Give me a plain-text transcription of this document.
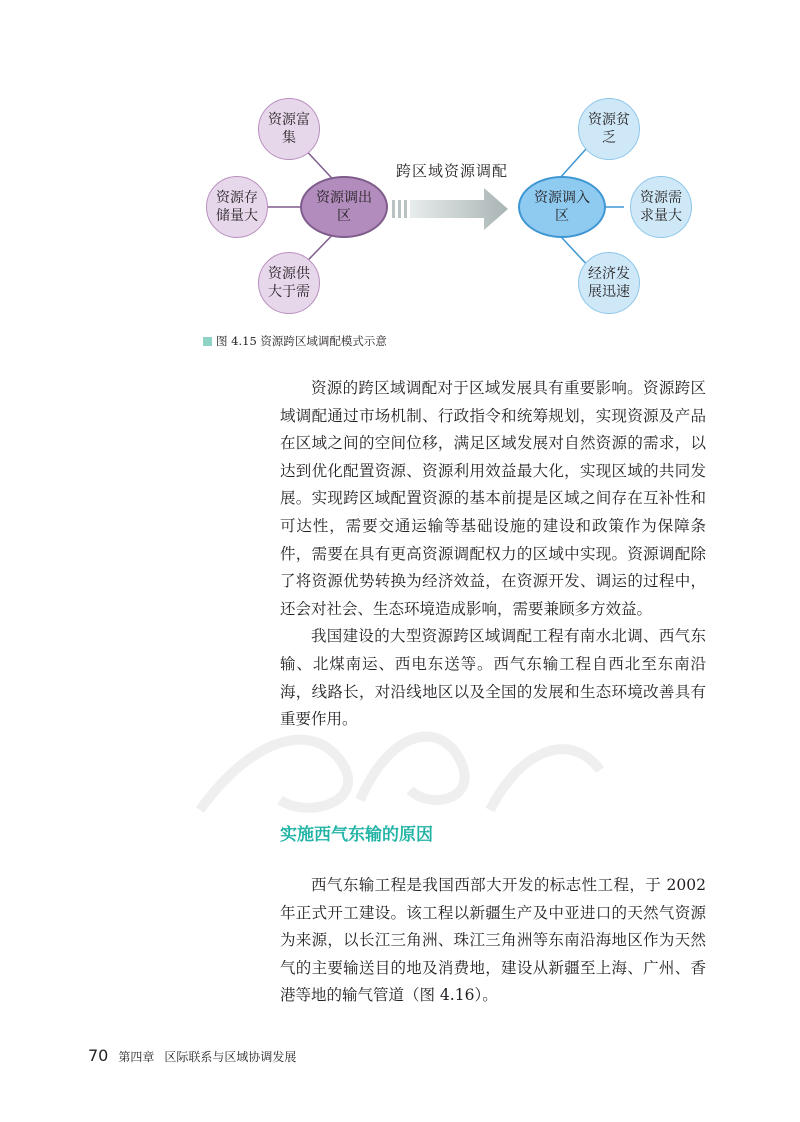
资源富集
资源存储量大
资源供大于需
资源调出区
跨区域资源调配
资源调入区
资源贫乏
资源需求量大
经济发展迅速
图 4.15 资源跨区域调配模式示意

资源的跨区域调配对于区域发展具有重要影响。资源跨区域调配通过市场机制、行政指令和统筹规划，实现资源及产品在区域之间的空间位移，满足区域发展对自然资源的需求，以达到优化配置资源、资源利用效益最大化，实现区域的共同发展。实现跨区域配置资源的基本前提是区域之间存在互补性和可达性，需要交通运输等基础设施的建设和政策作为保障条件，需要在具有更高资源调配权力的区域中实现。资源调配除了将资源优势转换为经济效益，在资源开发、调运的过程中，还会对社会、生态环境造成影响，需要兼顾多方效益。

我国建设的大型资源跨区域调配工程有南水北调、西气东输、北煤南运、西电东送等。西气东输工程自西北至东南沿海，线路长，对沿线地区以及全国的发展和生态环境改善具有重要作用。

实施西气东输的原因

西气东输工程是我国西部大开发的标志性工程，于 2002 年正式开工建设。该工程以新疆生产及中亚进口的天然气资源为来源，以长江三角洲、珠江三角洲等东南沿海地区作为天然气的主要输送目的地及消费地，建设从新疆至上海、广州、香港等地的输气管道（图 4.16）。

70 第四章 区际联系与区域协调发展
